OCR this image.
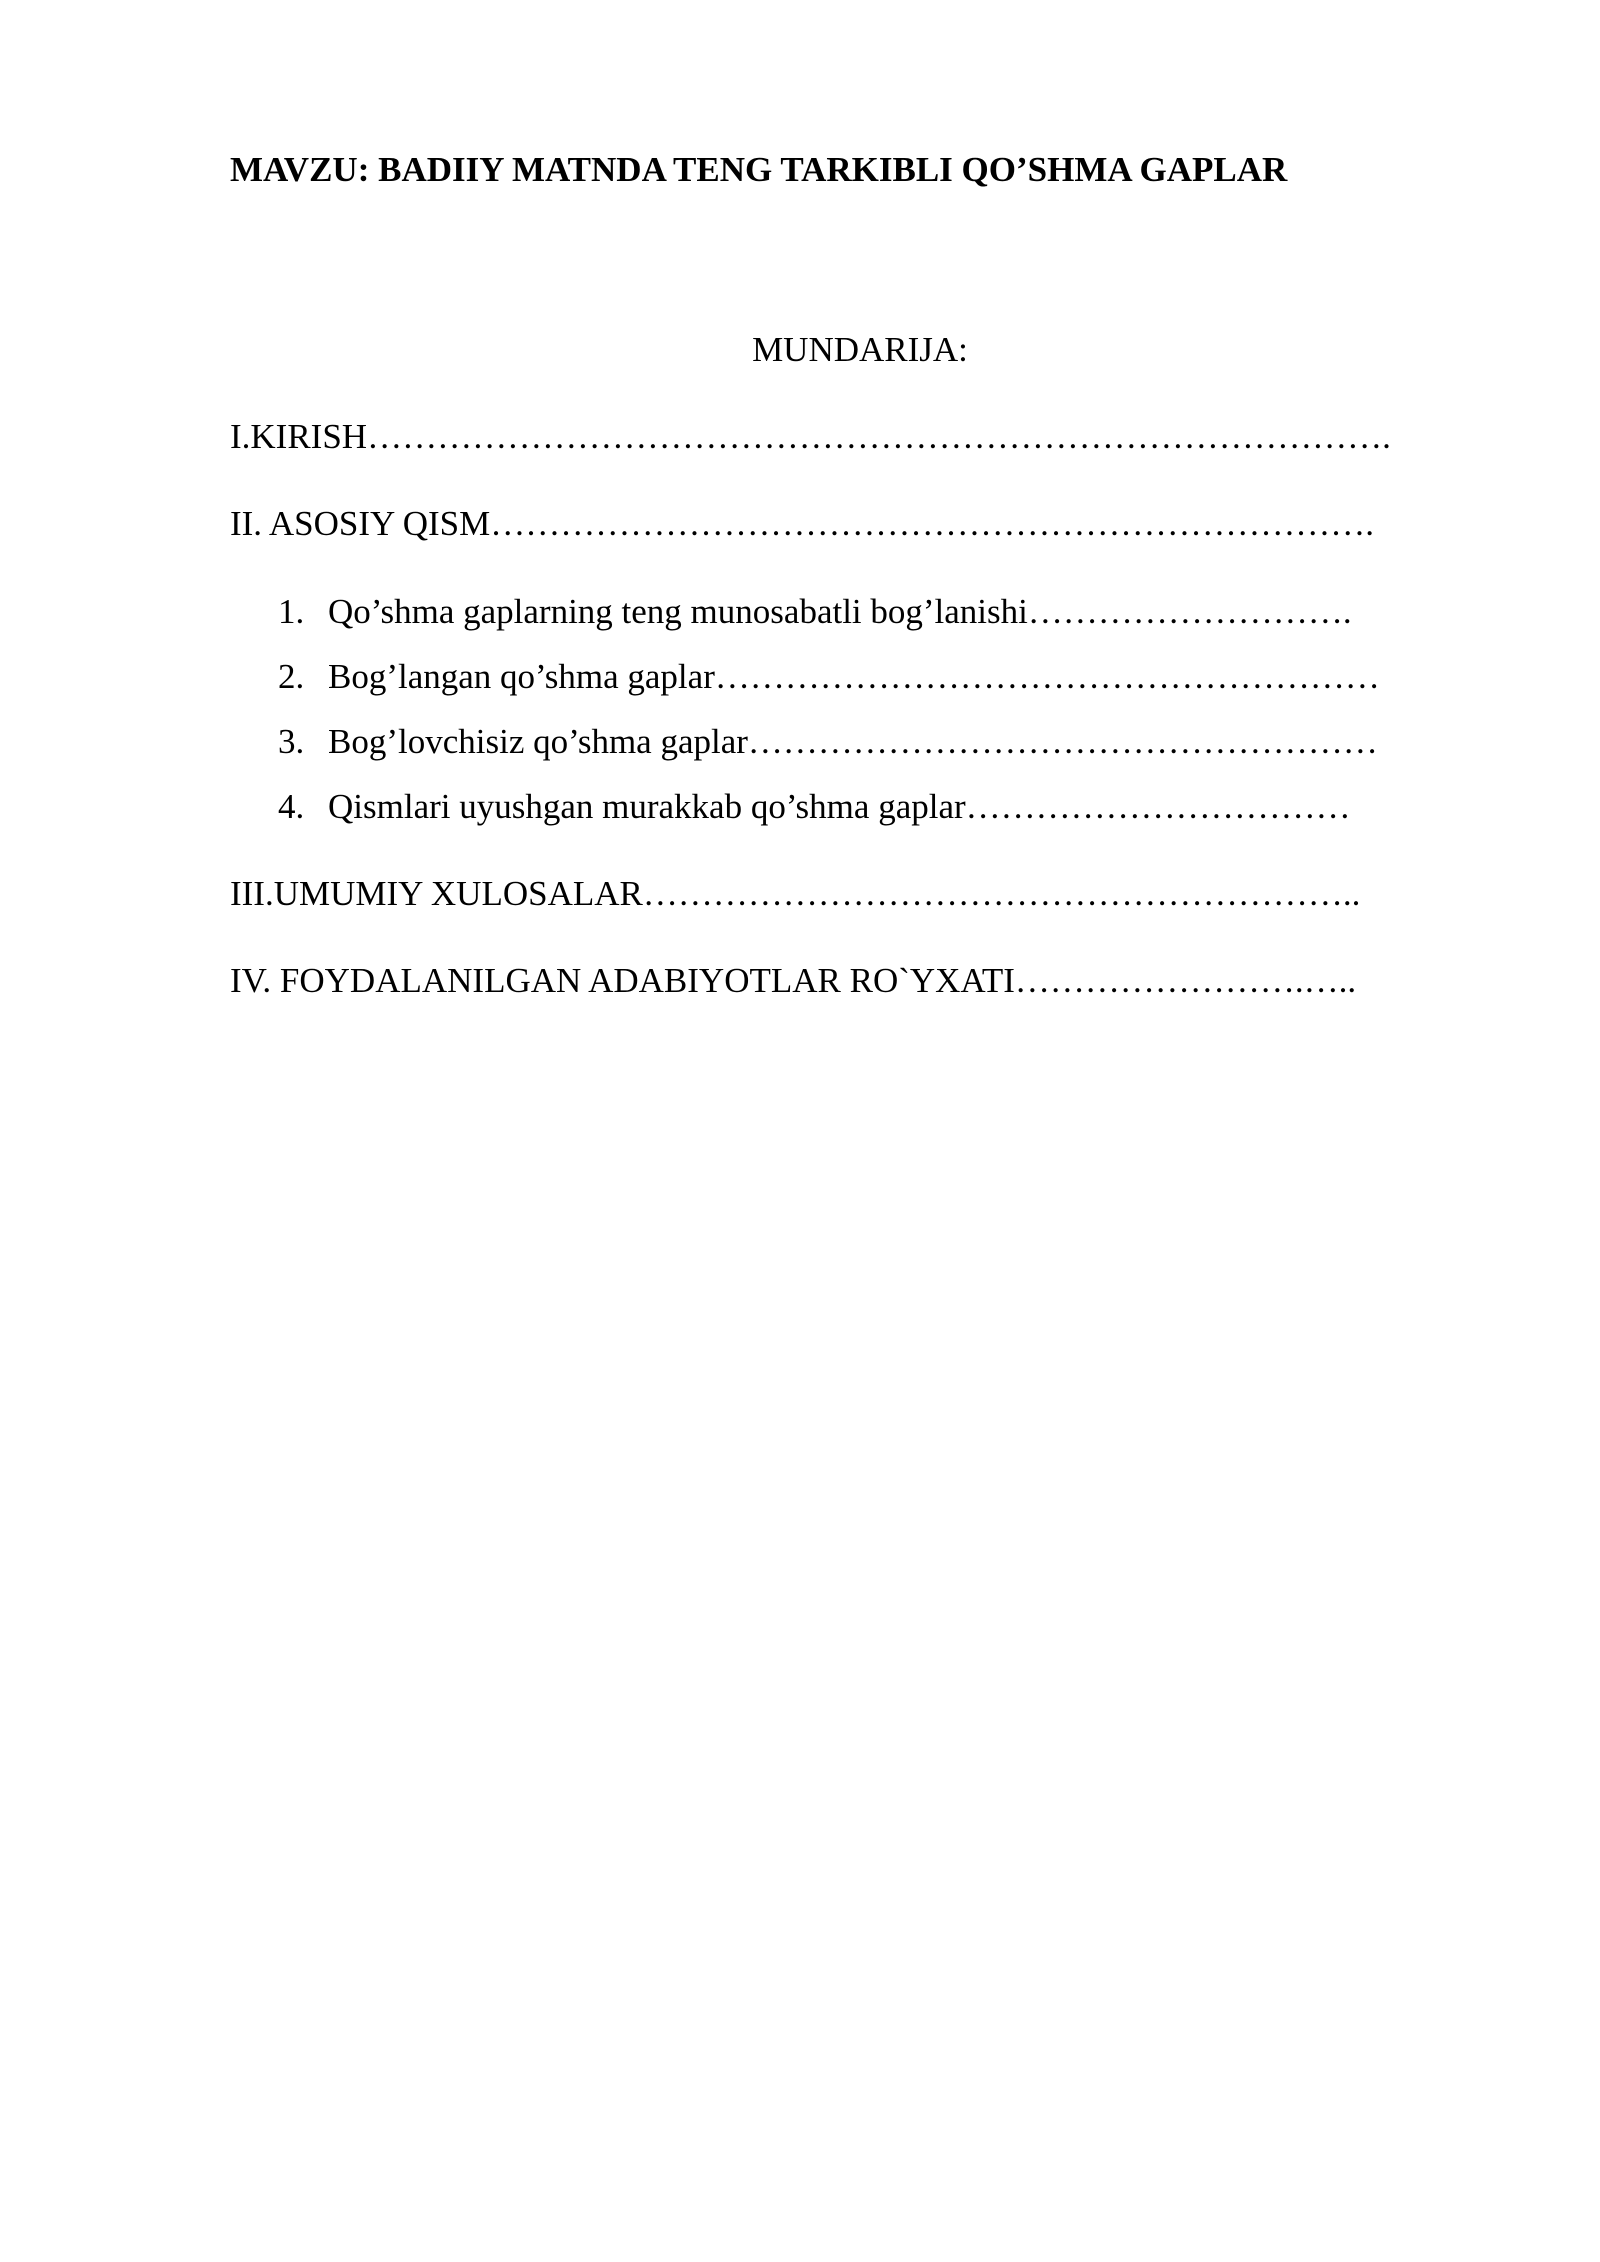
MAVZU: BADIIY MATNDA TENG TARKIBLI QO’SHMA GAPLAR
MUNDARIJA:
I.KIRISH…………………………………………………………………………….
II. ASOSIY QISM………………………………………………………………….
1. Qo’shma gaplarning teng munosabatli bog’lanishi……………………….
2. Bog’langan qo’shma gaplar…………………………………………………
3. Bog’lovchisiz qo’shma gaplar………………………………………………
4. Qismlari uyushgan murakkab qo’shma gaplar……………………………
III.UMUMIY XULOSALAR……………………………………………………..
IV. FOYDALANILGAN ADABIYOTLAR RO`YXATI…………………….…..
